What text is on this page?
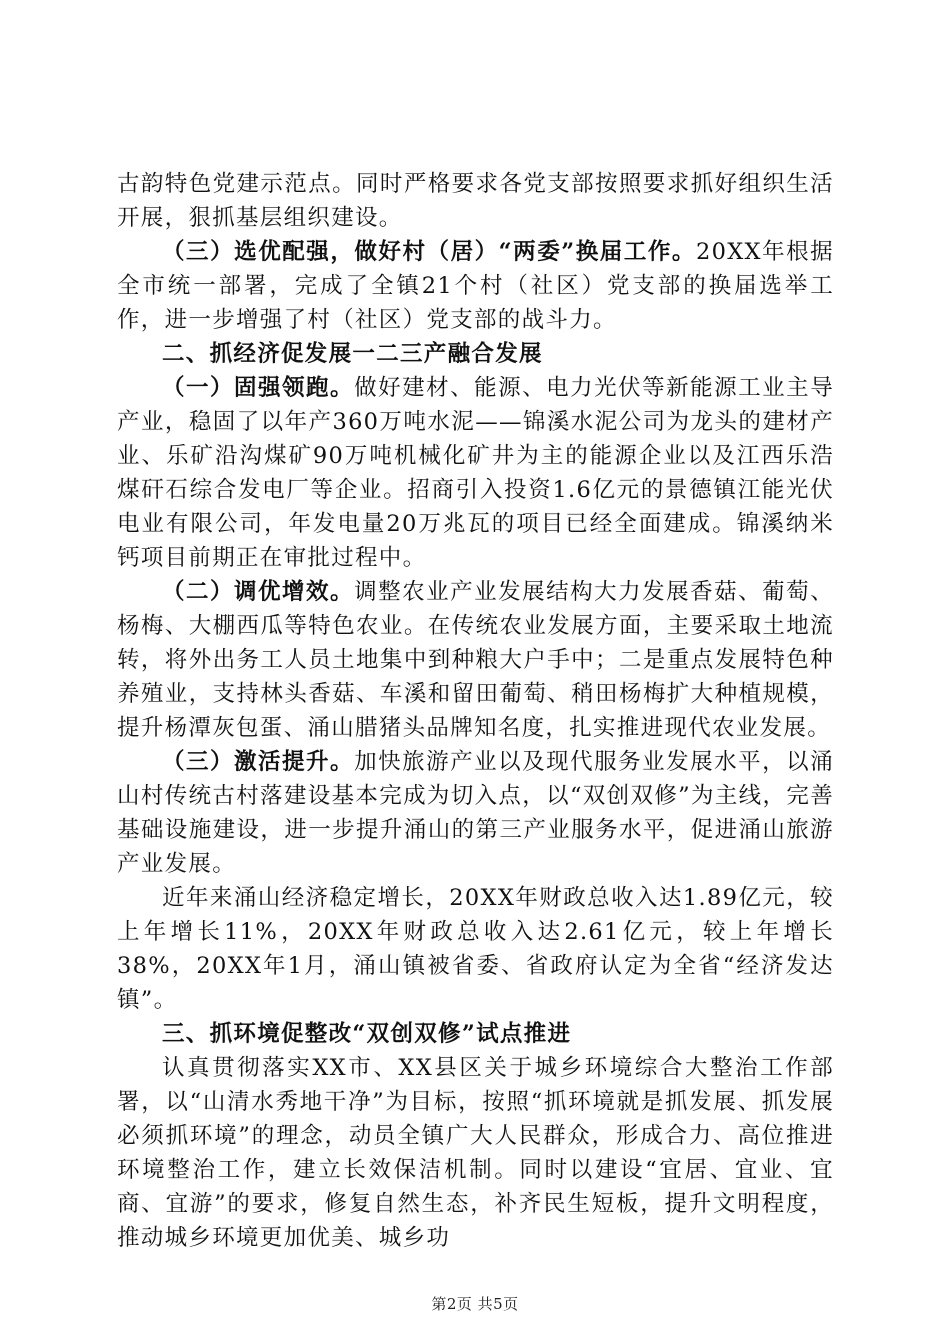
古韵特色党建示范点。同时严格要求各党支部按照要求抓好组织生活开展，狠抓基层组织建设。

（三）选优配强，做好村（居）“两委”换届工作。20XX年根据全市统一部署，完成了全镇21个村（社区）党支部的换届选举工作，进一步增强了村（社区）党支部的战斗力。

二、抓经济促发展一二三产融合发展

（一）固强领跑。做好建材、能源、电力光伏等新能源工业主导产业，稳固了以年产360万吨水泥——锦溪水泥公司为龙头的建材产业、乐矿沿沟煤矿90万吨机械化矿井为主的能源企业以及江西乐浩煤矸石综合发电厂等企业。招商引入投资1.6亿元的景德镇江能光伏电业有限公司，年发电量20万兆瓦的项目已经全面建成。锦溪纳米钙项目前期正在审批过程中。

（二）调优增效。调整农业产业发展结构大力发展香菇、葡萄、杨梅、大棚西瓜等特色农业。在传统农业发展方面，主要采取土地流转，将外出务工人员土地集中到种粮大户手中；二是重点发展特色种养殖业，支持林头香菇、车溪和留田葡萄、稍田杨梅扩大种植规模，提升杨潭灰包蛋、涌山腊猪头品牌知名度，扎实推进现代农业发展。

（三）激活提升。加快旅游产业以及现代服务业发展水平，以涌山村传统古村落建设基本完成为切入点，以“双创双修”为主线，完善基础设施建设，进一步提升涌山的第三产业服务水平，促进涌山旅游产业发展。

近年来涌山经济稳定增长，20XX年财政总收入达1.89亿元，较上年增长11%，20XX年财政总收入达2.61亿元，较上年增长38%，20XX年1月，涌山镇被省委、省政府认定为全省“经济发达镇”。

三、抓环境促整改“双创双修”试点推进

认真贯彻落实XX市、XX县区关于城乡环境综合大整治工作部署，以“山清水秀地干净”为目标，按照“抓环境就是抓发展、抓发展必须抓环境”的理念，动员全镇广大人民群众，形成合力、高位推进环境整治工作，建立长效保洁机制。同时以建设“宜居、宜业、宜商、宜游”的要求，修复自然生态，补齐民生短板，提升文明程度，推动城乡环境更加优美、城乡功

第2页 共5页
